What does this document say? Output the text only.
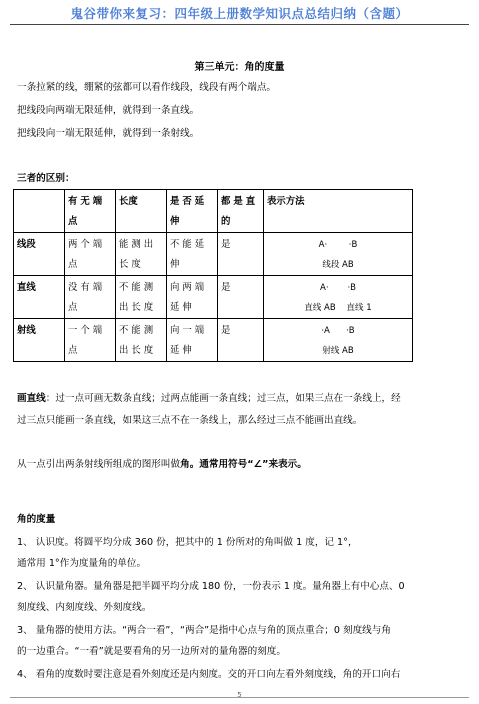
鬼谷带你来复习：四年级上册数学知识点总结归纳（含题）
第三单元：角的度量
一条拉紧的线，绷紧的弦都可以看作线段，线段有两个端点。
把线段向两端无限延伸，就得到一条直线。
把线段向一端无限延伸，就得到一条射线。
三者的区别：
	有无端点	长度	是否延伸	都是直的	表示方法
线段	两个端点	能测出长度	不能延伸	是	A·        ·B
线段 AB

直线	没有端点	不能测出长度	向两端延伸	是	A·       ·B
直线 AB    直线 1

射线	一个端点	不能测出长度	向一端延伸	是	·A      ·B
射线 AB
画直线：过一点可画无数条直线；过两点能画一条直线；过三点，如果三点在一条线上，经
过三点只能画一条直线，如果这三点不在一条线上，那么经过三点不能画出直线。
从一点引出两条射线所组成的图形叫做角。通常用符号“∠”来表示。
角的度量
1、 认识度。将圆平均分成 360 份，把其中的 1 份所对的角叫做 1 度，记 1°，
通常用 1°作为度量角的单位。
2、 认识量角器。量角器是把半圆平均分成 180 份，一份表示 1 度。量角器上有中心点、0
刻度线、内刻度线、外刻度线。
3、 量角器的使用方法。“两合一看”，“两合”是指中心点与角的顶点重合；0 刻度线与角
的一边重合。“一看”就是要看角的另一边所对的量角器的刻度。
4、 看角的度数时要注意是看外刻度还是内刻度。交的开口向左看外刻度线，角的开口向右
5
